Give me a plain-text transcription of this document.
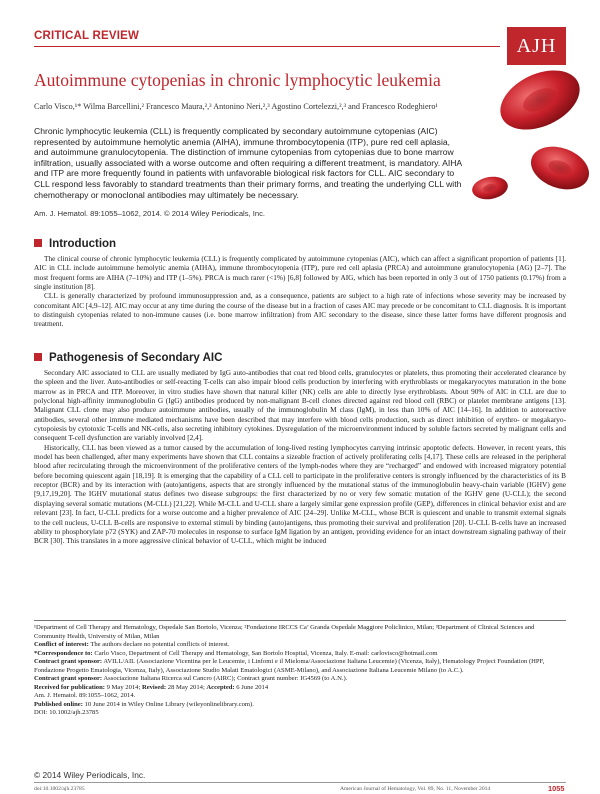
CRITICAL REVIEW	AJH
Autoimmune cytopenias in chronic lymphocytic leukemia
Carlo Visco,¹* Wilma Barcellini,² Francesco Maura,²,³ Antonino Neri,²,³ Agostino Cortelezzi,²,³ and Francesco Rodeghiero¹
Chronic lymphocytic leukemia (CLL) is frequently complicated by secondary autoimmune cytopenias (AIC) represented by autoimmune hemolytic anemia (AIHA), immune thrombocytopenia (ITP), pure red cell aplasia, and autoimmune granulocytopenia. The distinction of immune cytopenias from cytopenias due to bone marrow infiltration, usually associated with a worse outcome and often requiring a different treatment, is mandatory. AIHA and ITP are more frequently found in patients with unfavorable biological risk factors for CLL. AIC secondary to CLL respond less favorably to standard treatments than their primary forms, and treating the underlying CLL with chemotherapy or monoclonal antibodies may ultimately be necessary.
Am. J. Hematol. 89:1055–1062, 2014. © 2014 Wiley Periodicals, Inc.
Introduction

The clinical course of chronic lymphocytic leukemia (CLL) is frequently complicated by autoimmune cytopenias (AIC), which can affect a significant proportion of patients [1]. AIC in CLL include autoimmune hemolytic anemia (AIHA), immune thrombocytopenia (ITP), pure red cell aplasia (PRCA) and autoimmune granulocytopenia (AG) [2–7]. The most frequent forms are AIHA (7–10%) and ITP (1–5%). PRCA is much rarer (<1%) [6,8] followed by AIG, which has been reported in only 3 out of 1750 patients (0.17%) from a single institution [8].

CLL is generally characterized by profound immunosuppression and, as a consequence, patients are subject to a high rate of infections whose severity may be increased by concomitant AIC [4,9–12]. AIC may occur at any time during the course of the disease but in a fraction of cases AIC may precede or be concomitant to CLL diagnosis. It is important to distinguish cytopenias related to non-immune causes (i.e. bone marrow infiltration) from AIC secondary to the disease, since these latter forms have different prognosis and treatment.

Pathogenesis of Secondary AIC

Secondary AIC associated to CLL are usually mediated by IgG auto-antibodies that coat red blood cells, granulocytes or platelets, thus promoting their accelerated clearance by the spleen and the liver. Auto-antibodies or self-reacting T-cells can also impair blood cells production by interfering with erythroblasts or megakaryocytes maturation in the bone marrow as in PRCA and ITP. Moreover, in vitro studies have shown that natural killer (NK) cells are able to directly lyse erythroblasts. About 90% of AIC in CLL are due to polyclonal high-affinity immunoglobulin G (IgG) antibodies produced by non-malignant B-cell clones directed against red blood cell (RBC) or platelet membrane antigens [13]. Malignant CLL clone may also produce autoimmune antibodies, usually of the immunoglobulin M class (IgM), in less than 10% of AIC [14–16]. In addition to autoreactive antibodies, several other immune mediated mechanisms have been described that may interfere with blood cells production, such as direct inhibition of erythro- or megakaryo-cytopoiesis by cytotoxic T-cells and NK-cells, also secreting inhibitory cytokines. Dysregulation of the microenvironment induced by soluble factors secreted by malignant cells and consequent T-cell dysfunction are variably involved [2,4].

Historically, CLL has been viewed as a tumor caused by the accumulation of long-lived resting lymphocytes carrying intrinsic apoptotic defects. However, in recent years, this model has been challenged, after many experiments have shown that CLL contains a sizeable fraction of actively proliferating cells [4,17]. These cells are released in the peripheral blood after recirculating through the microenvironment of the proliferative centers of the lymph-nodes where they are “recharged” and endowed with increased migratory potential before becoming quiescent again [18,19]. It is emerging that the capability of a CLL cell to participate in the proliferative centers is strongly influenced by the characteristics of its B receptor (BCR) and by its interaction with (auto)antigens, aspects that are strongly influenced by the mutational status of the immunoglobulin heavy-chain variable (IGHV) gene [9,17,19,20]. The IGHV mutational status defines two disease subgroups: the first characterized by no or very few somatic mutation of the IGHV gene (U-CLL); the second displaying several somatic mutations (M-CLL) [21,22]. While M-CLL and U-CLL share a largely similar gene expression profile (GEP), differences in clinical behavior exist and are relevant [23]. In fact, U-CLL predicts for a worse outcome and a higher prevalence of AIC [24–29]. Unlike M-CLL, whose BCR is quiescent and unable to transmit external signals to the cell nucleus, U-CLL B-cells are responsive to external stimuli by binding (auto)antigens, thus promoting their survival and proliferation [20]. U-CLL B-cells have an increased ability to phosphorylate p72 (SYK) and ZAP-70 molecules in response to surface IgM ligation by an antigen, providing evidence for an intact downstream signaling pathway of their BCR [30]. This translates in a more aggressive clinical behavior of U-CLL, which might be induced

¹Department of Cell Therapy and Hematology, Ospedale San Bortolo, Vicenza; ²Fondazione IRCCS Ca’ Granda Ospedale Maggiore Policlinico, Milan; ³Department of Clinical Sciences and Community Health, University of Milan, Milan

Conflict of interest: The authors declare no potential conflicts of interest.

*Correspondence to: Carlo Visco, Department of Cell Therapy and Hematology, San Bortolo Hospital, Vicenza, Italy. E-mail: carlovisco@hotmail.com

Contract grant sponsor: AVILL/AIL (Associazione Vicentina per le Leucemie, i Linfomi e il Mieloma/Associazione Italiana Leucemie) (Vicenza, Italy), Hematology Project Foundation (HPF, Fondazione Progetto Ematologia, Vicenza, Italy), Associazione Studio Malati Ematologici (ASME-Milano), and Associazione Italiana Leucemie Milano (to A.C.).

Contract grant sponsor: Associazione Italiana Ricerca sul Cancro (AIRC); Contract grant number: IG4569 (to A.N.).

Received for publication: 9 May 2014; Revised: 28 May 2014; Accepted: 6 June 2014

Am. J. Hematol. 89:1055–1062, 2014.

Published online: 10 June 2014 in Wiley Online Library (wileyonlinelibrary.com).

DOI: 10.1002/ajh.23785

© 2014 Wiley Periodicals, Inc.
doi:10.1002/ajh.23785	American Journal of Hematology, Vol. 89, No. 11, November 2014	1055
